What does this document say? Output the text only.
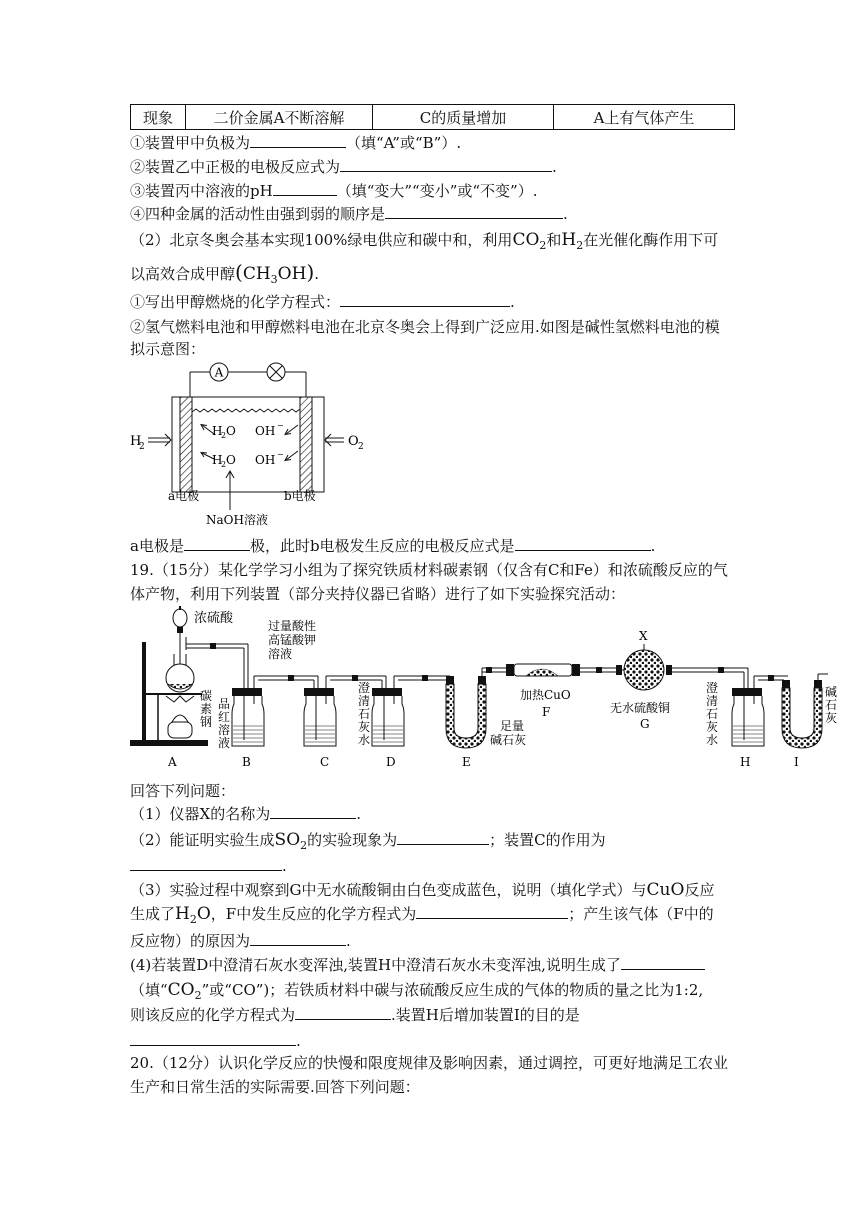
现象	二价金属A不断溶解	C的质量增加	A上有气体产生
①装置甲中负极为	（填“A”或“B”）.
②装置乙中正极的电极反应式为	.
③装置丙中溶液的pH	（填“变大”“变小”或“不变”）.
④四种金属的活动性由强到弱的顺序是	.
（2）北京冬奥会基本实现100%绿电供应和碳中和，利用$CO_2$和$H_2$在光催化酶作用下可
以高效合成甲醇$(CH_3OH)$.
①写出甲醇燃烧的化学方程式：	.
②氢气燃料电池和甲醇燃料电池在北京冬奥会上得到广泛应用.如图是碱性氢燃料电池的模
拟示意图：
A
H
2	O 2
H
2 O OH −
H
2 O OH −
a电极	b电极
NaOH溶液
a电极是	极，此时b电极发生反应的电极反应式是	.
19.（15分）某化学学习小组为了探究铁质材料碳素钢（仅含有C和Fe）和浓硫酸反应的气
体产物，利用下列装置（部分夹持仪器已省略）进行了如下实验探究活动：
浓硫酸	过量酸性
高锰酸钾
溶液
碳
素
钢
品
红
溶
液
澄
清
石
灰
水
足量
碱石灰
加热CuO
无水硫酸铜
X
澄
清
石
灰
水
碱
石
灰
A	B	C	D	E
F
G
H	I
回答下列问题：
（1）仪器X的名称为	.
（2）能证明实验生成$SO_2$的实验现象为	；装置C的作用为
.
（3）实验过程中观察到G中无水硫酸铜由白色变成蓝色，说明（填化学式）与CuO反应
生成了$H_2O$，F中发生反应的化学方程式为	；产生该气体（F中的
反应物）的原因为	.
(4)若装置D中澄清石灰水变浑浊,装置H中澄清石灰水未变浑浊,说明生成了
（填“$CO_2$”或“CO”)；若铁质材料中碳与浓硫酸反应生成的气体的物质的量之比为1:2,
则该反应的化学方程式为	.装置H后增加装置I的目的是
.
20.（12分）认识化学反应的快慢和限度规律及影响因素，通过调控，可更好地满足工农业
生产和日常生活的实际需要.回答下列问题：
